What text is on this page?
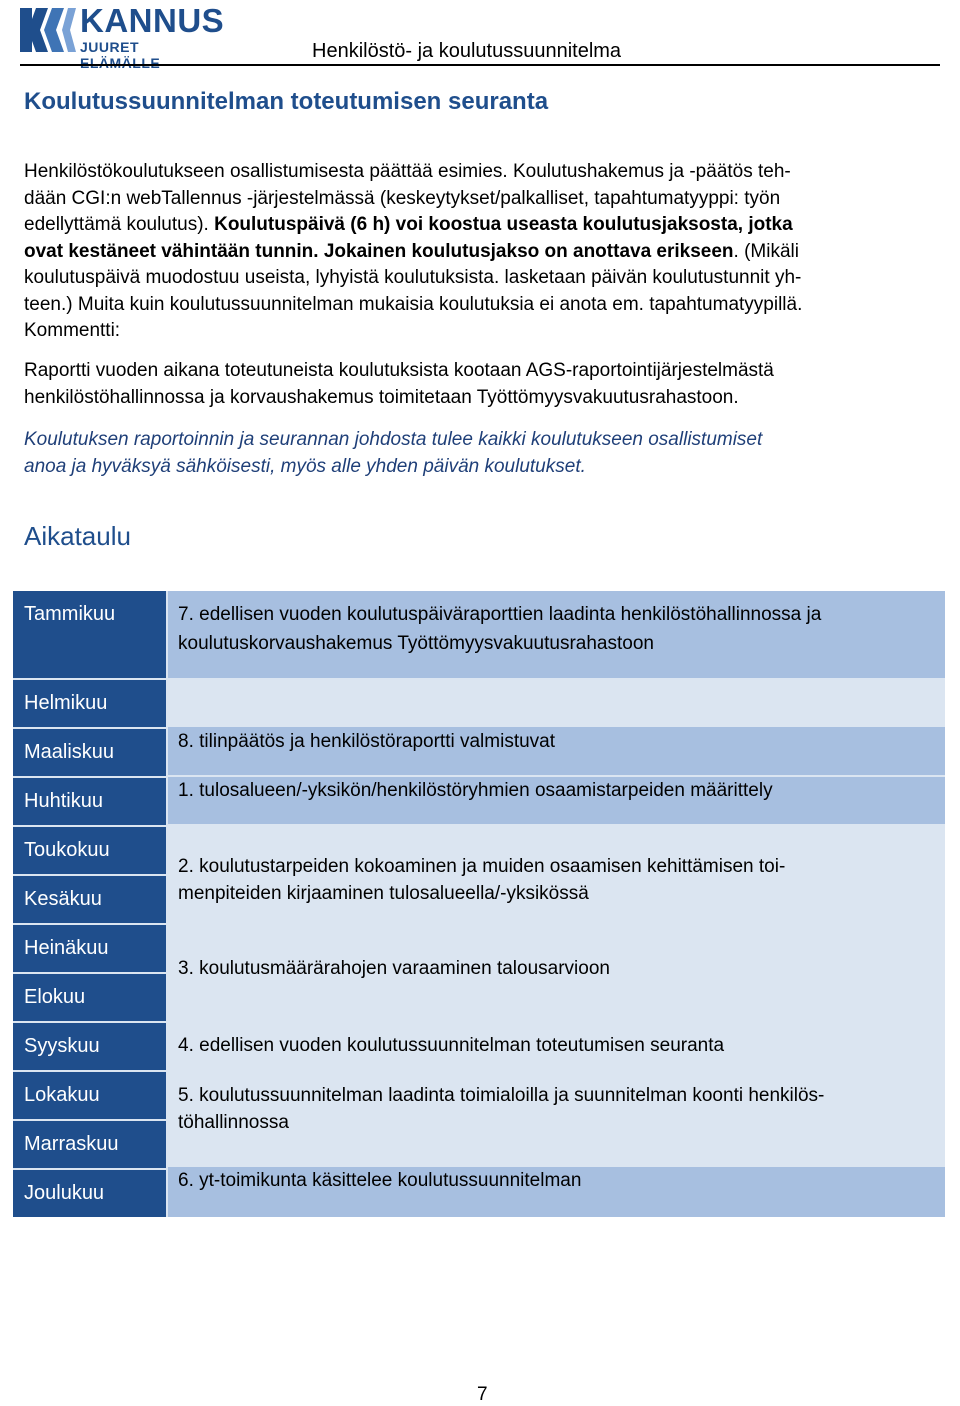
KANNUS
JUURET ELÄMÄLLE
Henkilöstö- ja koulutussuunnitelma
Koulutussuunnitelman toteutumisen seuranta
Henkilöstökoulutukseen osallistumisesta päättää esimies. Koulutushakemus ja -päätös teh-
dään CGI:n webTallennus -järjestelmässä (keskeytykset/palkalliset, tapahtumatyyppi: työn
edellyttämä koulutus). Koulutuspäivä (6 h) voi koostua useasta koulutusjaksosta, jotka
ovat kestäneet vähintään tunnin. Jokainen koulutusjakso on anottava erikseen. (Mikäli
koulutuspäivä muodostuu useista, lyhyistä koulutuksista. lasketaan päivän koulutustunnit yh-
teen.) Muita kuin koulutussuunnitelman mukaisia koulutuksia ei anota em. tapahtumatyypillä.
Kommentti:
Raportti vuoden aikana toteutuneista koulutuksista kootaan AGS-raportointijärjestelmästä
henkilöstöhallinnossa ja korvaushakemus toimitetaan Työttömyysvakuutusrahastoon.
Koulutuksen raportoinnin ja seurannan johdosta tulee kaikki koulutukseen osallistumiset
anoa ja hyväksyä sähköisesti, myös alle yhden päivän koulutukset.
Aikataulu
Tammikuu
Helmikuu
Maaliskuu
Huhtikuu
Toukokuu
Kesäkuu
Heinäkuu
Elokuu
Syyskuu
Lokakuu
Marraskuu
Joulukuu
7. edellisen vuoden koulutuspäiväraporttien laadinta henkilöstöhallinnossa ja
koulutuskorvaushakemus Työttömyysvakuutusrahastoon
8. tilinpäätös ja henkilöstöraportti valmistuvat
1. tulosalueen/-yksikön/henkilöstöryhmien osaamistarpeiden määrittely
2. koulutustarpeiden kokoaminen ja muiden osaamisen kehittämisen toi-
menpiteiden kirjaaminen tulosalueella/-yksikössä
3. koulutusmäärärahojen varaaminen talousarvioon
4. edellisen vuoden koulutussuunnitelman toteutumisen seuranta
5. koulutussuunnitelman laadinta toimialoilla ja suunnitelman koonti henkilös-
töhallinnossa
6. yt-toimikunta käsittelee koulutussuunnitelman
7
